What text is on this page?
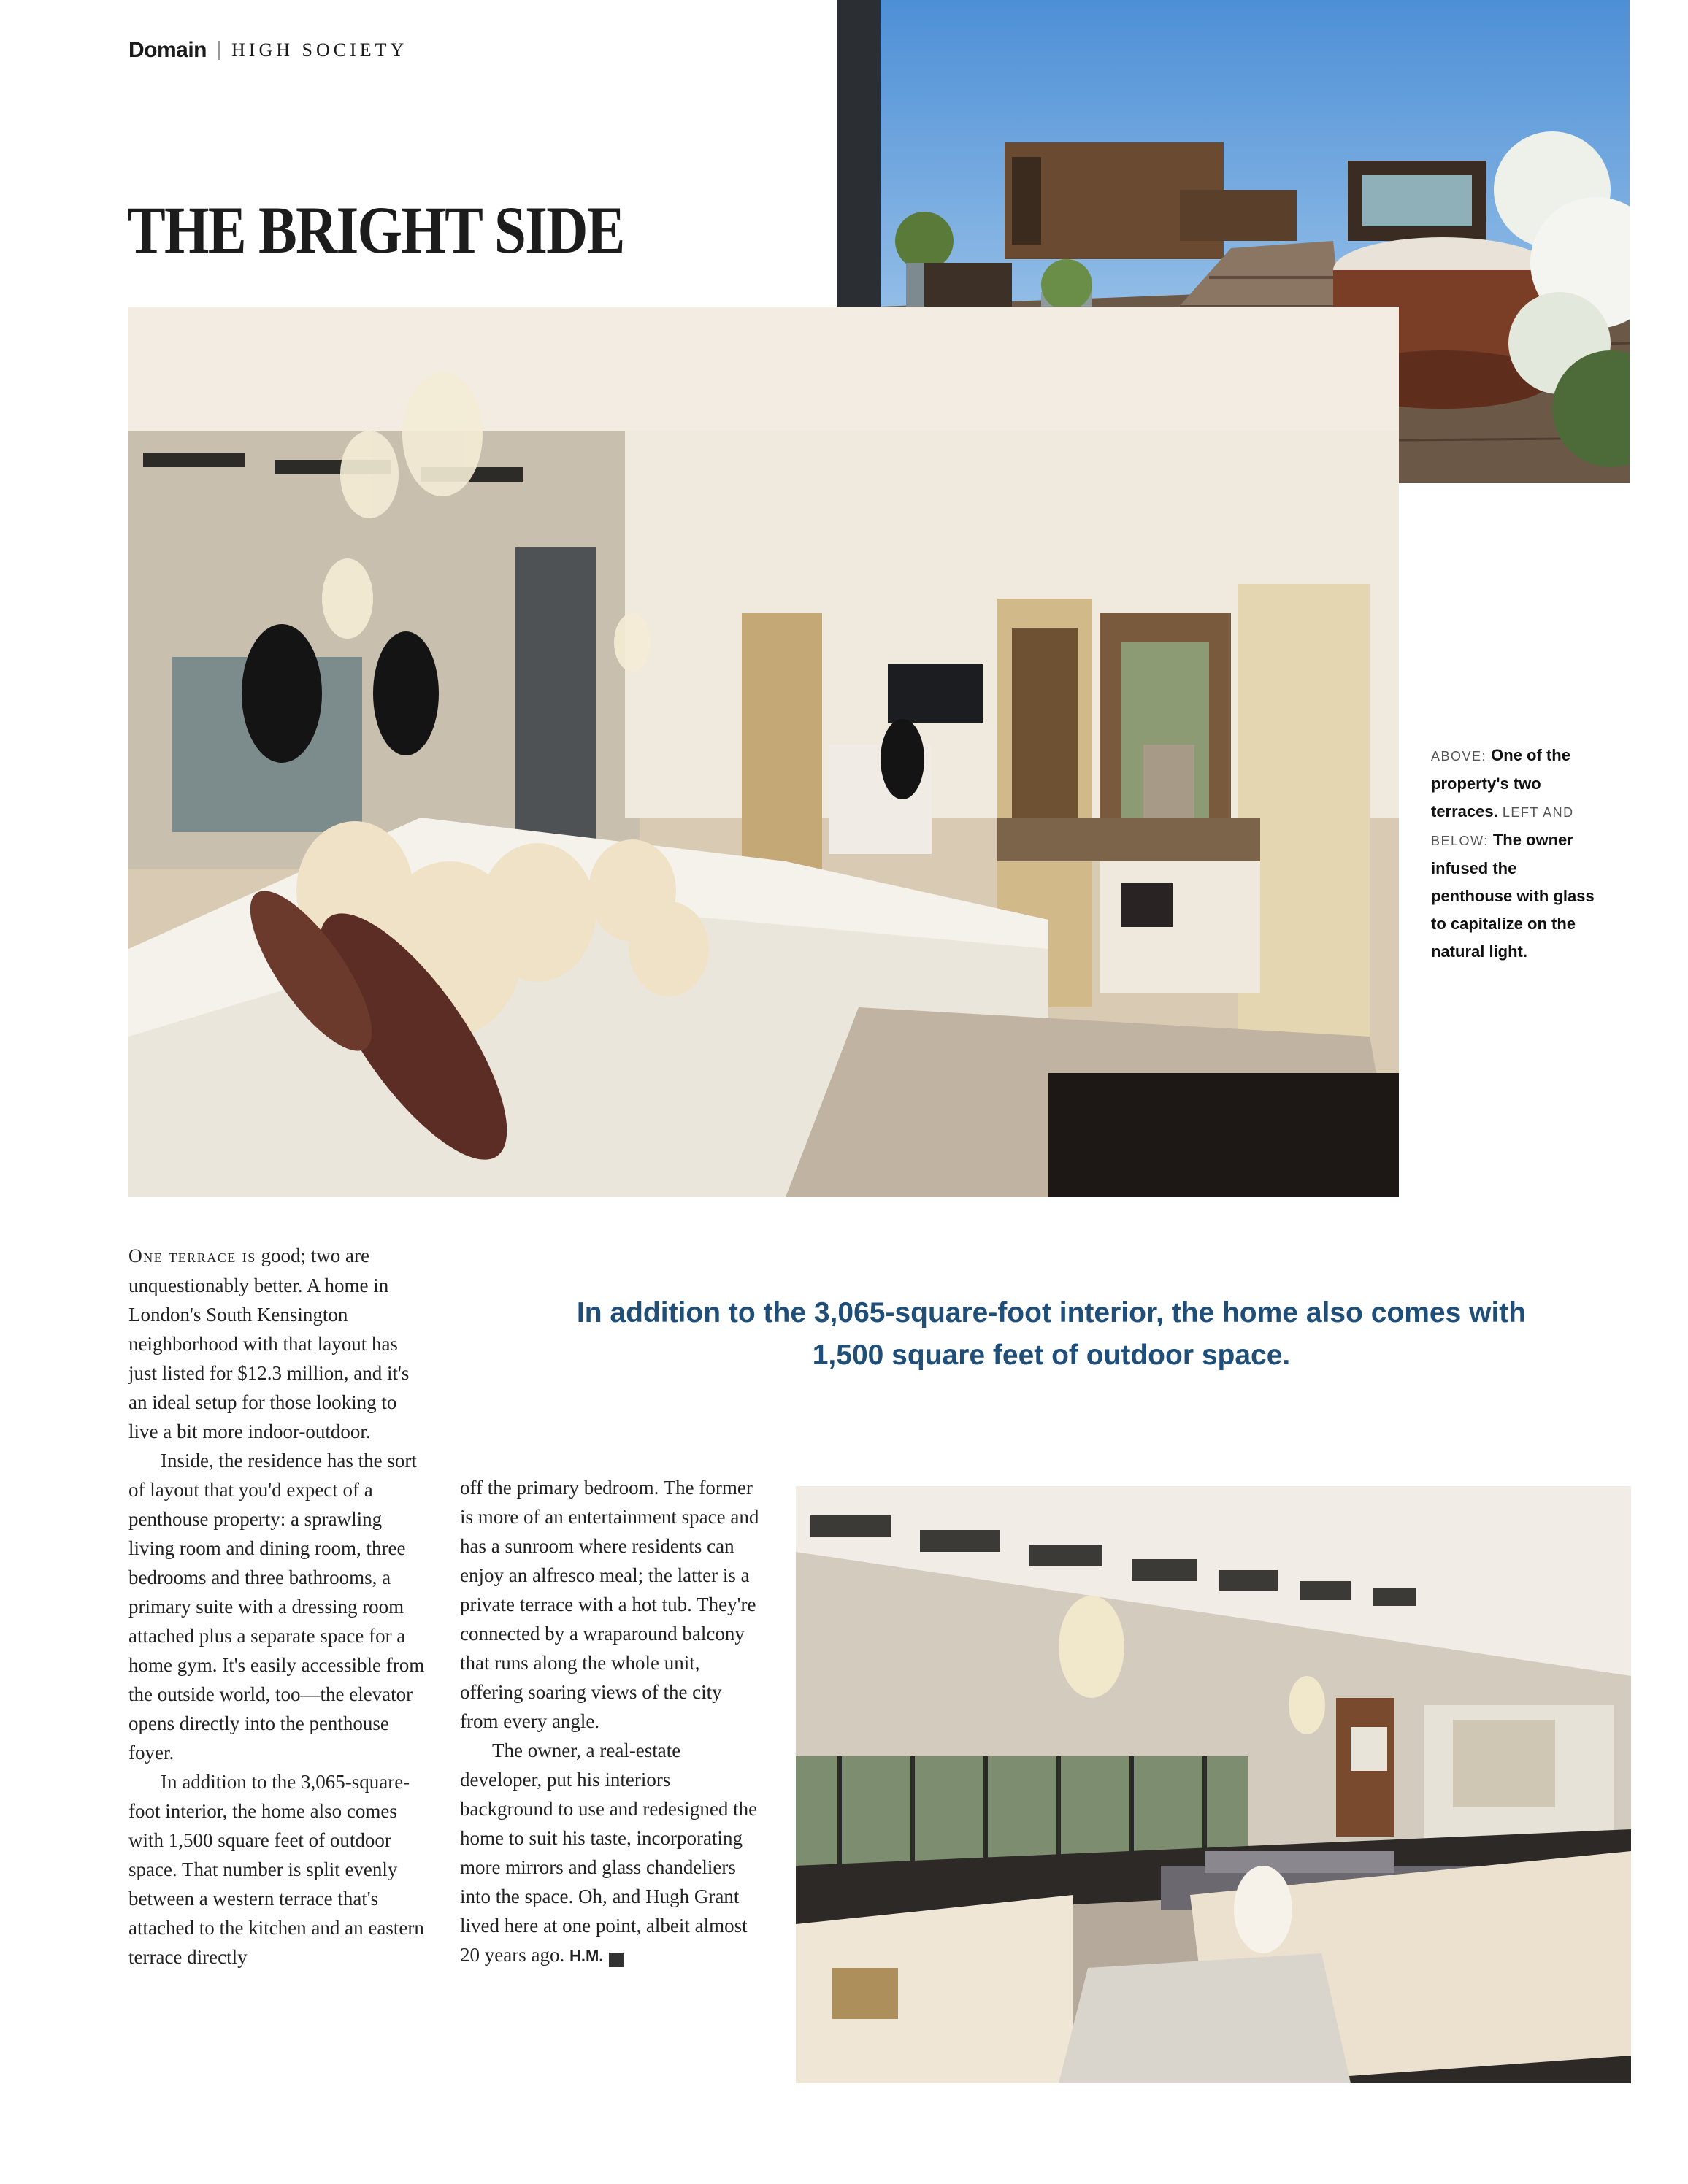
Domain HIGH SOCIETY
THE BRIGHT SIDE
ABOVE: One of the property's two terraces. LEFT AND BELOW: The owner infused the penthouse with glass to capitalize on the natural light.

In addition to the 3,065-square-foot interior, the home also comes with 1,500 square feet of outdoor space.

One terrace is good; two are unquestionably better. A home in London's South Kensington neighborhood with that layout has just listed for $12.3 million, and it's an ideal setup for those looking to live a bit more indoor-outdoor.

Inside, the residence has the sort of layout that you'd expect of a penthouse property: a sprawling living room and dining room, three bedrooms and three bathrooms, a primary suite with a dressing room attached plus a separate space for a home gym. It's easily accessible from the outside world, too—the elevator opens directly into the penthouse foyer.

In addition to the 3,065-square-foot interior, the home also comes with 1,500 square feet of outdoor space. That number is split evenly between a western terrace that's attached to the kitchen and an eastern terrace directly

off the primary bedroom. The former is more of an entertainment space and has a sunroom where residents can enjoy an alfresco meal; the latter is a private terrace with a hot tub. They're connected by a wraparound balcony that runs along the whole unit, offering soaring views of the city from every angle.

The owner, a real-estate developer, put his interiors background to use and redesigned the home to suit his taste, incorporating more mirrors and glass chandeliers into the space. Oh, and Hugh Grant lived here at one point, albeit almost 20 years ago. H.M.	R
